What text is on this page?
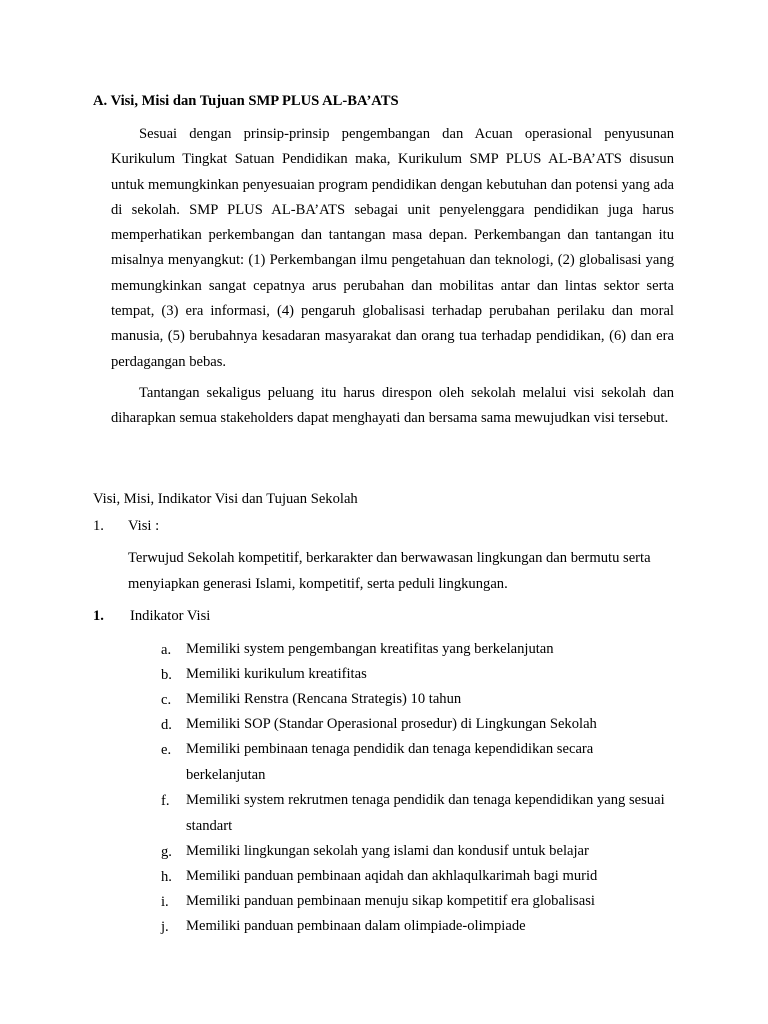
A. Visi, Misi dan Tujuan SMP PLUS AL-BA’ATS

Sesuai dengan prinsip-prinsip pengembangan dan Acuan operasional penyusunan Kurikulum Tingkat Satuan Pendidikan maka, Kurikulum SMP PLUS AL-BA’ATS disusun untuk memungkinkan penyesuaian program pendidikan dengan kebutuhan dan potensi yang ada di sekolah. SMP PLUS AL-BA’ATS sebagai unit penyelenggara pendidikan juga harus memperhatikan perkembangan dan tantangan masa depan. Perkembangan dan tantangan itu misalnya menyangkut: (1) Perkembangan ilmu pengetahuan dan teknologi, (2) globalisasi yang memungkinkan sangat cepatnya arus perubahan dan mobilitas antar dan lintas sektor serta tempat, (3) era informasi, (4) pengaruh globalisasi terhadap perubahan perilaku dan moral manusia, (5) berubahnya kesadaran masyarakat dan orang tua terhadap pendidikan, (6) dan era perdagangan bebas.

Tantangan sekaligus peluang itu harus direspon oleh sekolah melalui visi sekolah dan diharapkan semua stakeholders dapat menghayati dan bersama sama mewujudkan visi tersebut.

Visi, Misi, Indikator Visi dan Tujuan Sekolah
1. Visi :

Terwujud Sekolah kompetitif, berkarakter dan berwawasan lingkungan dan bermutu serta menyiapkan generasi Islami, kompetitif, serta peduli lingkungan.

1. Indikator Visi
a. Memiliki system pengembangan kreatifitas yang berkelanjutan
b. Memiliki kurikulum kreatifitas
c. Memiliki Renstra (Rencana Strategis) 10 tahun
d. Memiliki SOP (Standar Operasional prosedur) di Lingkungan Sekolah
e. Memiliki pembinaan tenaga pendidik dan tenaga kependidikan secara berkelanjutan
f. Memiliki system rekrutmen tenaga pendidik dan tenaga kependidikan yang sesuai standart
g. Memiliki lingkungan sekolah yang islami dan kondusif untuk belajar
h. Memiliki panduan pembinaan aqidah dan akhlaqulkarimah bagi murid
i. Memiliki panduan pembinaan menuju sikap kompetitif era globalisasi
j. Memiliki panduan pembinaan dalam olimpiade-olimpiade
